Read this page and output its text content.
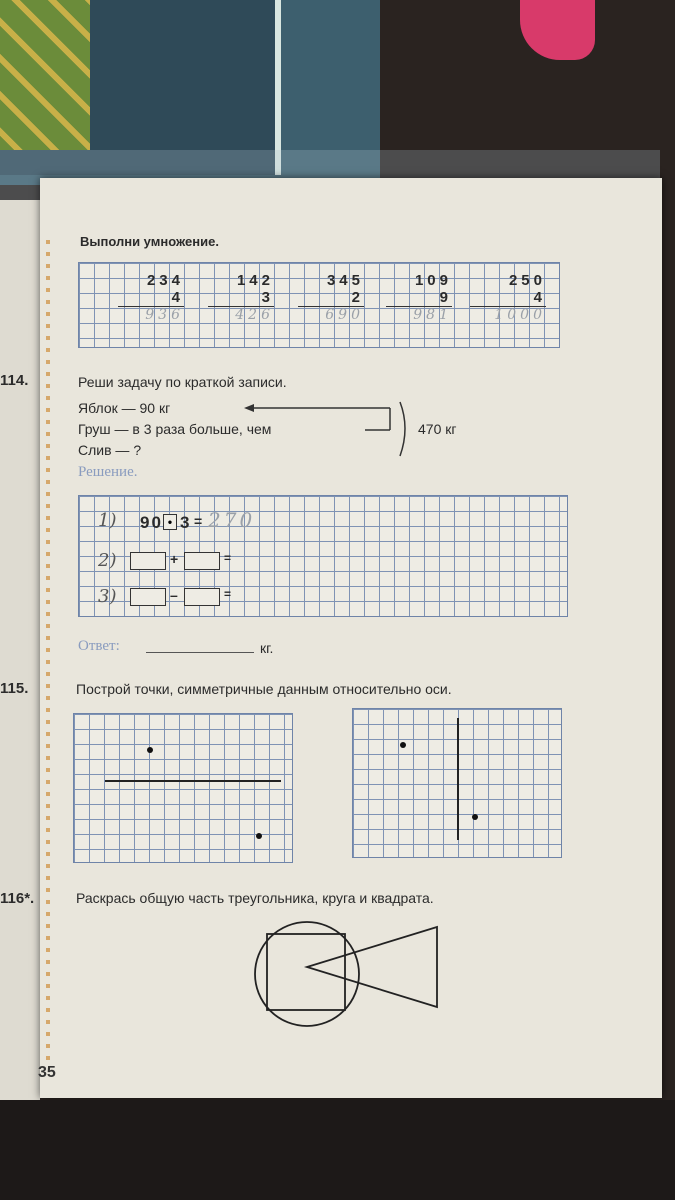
Выполни умножение.
234
4
936
142
3
426
345
2
690
109
9
981
250
4
1000
114.	Реши задачу по краткой записи.
Яблок — 90 кг
Груш — в 3 раза больше, чем
Слив — ?
470 кг
Решение.
1) 90 • 3 = 270
2)	+	=
3)	–	=
Ответ:	кг.
115.	Построй точки, симметричные данным относительно оси.
116*.	Раскрась общую часть треугольника, круга и квадрата.
35
